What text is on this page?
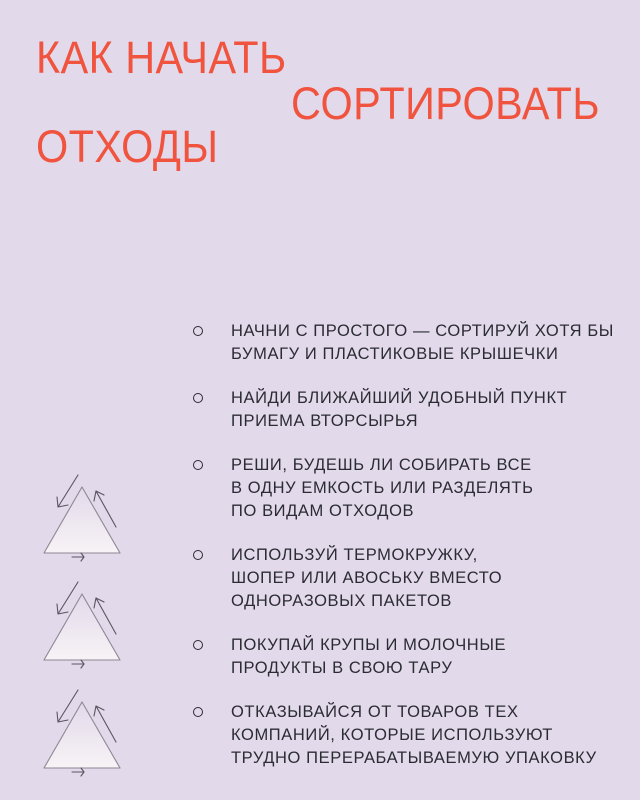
КАК НАЧАТЬ
СОРТИРОВАТЬ
ОТХОДЫ
НАЧНИ С ПРОСТОГО — СОРТИРУЙ ХОТЯ БЫ
БУМАГУ И ПЛАСТИКОВЫЕ КРЫШЕЧКИ
НАЙДИ БЛИЖАЙШИЙ УДОБНЫЙ ПУНКТ
ПРИЕМА ВТОРСЫРЬЯ
РЕШИ, БУДЕШЬ ЛИ СОБИРАТЬ ВСЕ
В ОДНУ ЕМКОСТЬ ИЛИ РАЗДЕЛЯТЬ
ПО ВИДАМ ОТХОДОВ
ИСПОЛЬЗУЙ ТЕРМОКРУЖКУ,
ШОПЕР ИЛИ АВОСЬКУ ВМЕСТО
ОДНОРАЗОВЫХ ПАКЕТОВ
ПОКУПАЙ КРУПЫ И МОЛОЧНЫЕ
ПРОДУКТЫ В СВОЮ ТАРУ
ОТКАЗЫВАЙСЯ ОТ ТОВАРОВ ТЕХ
КОМПАНИЙ, КОТОРЫЕ ИСПОЛЬЗУЮТ
ТРУДНО ПЕРЕРАБАТЫВАЕМУЮ УПАКОВКУ
